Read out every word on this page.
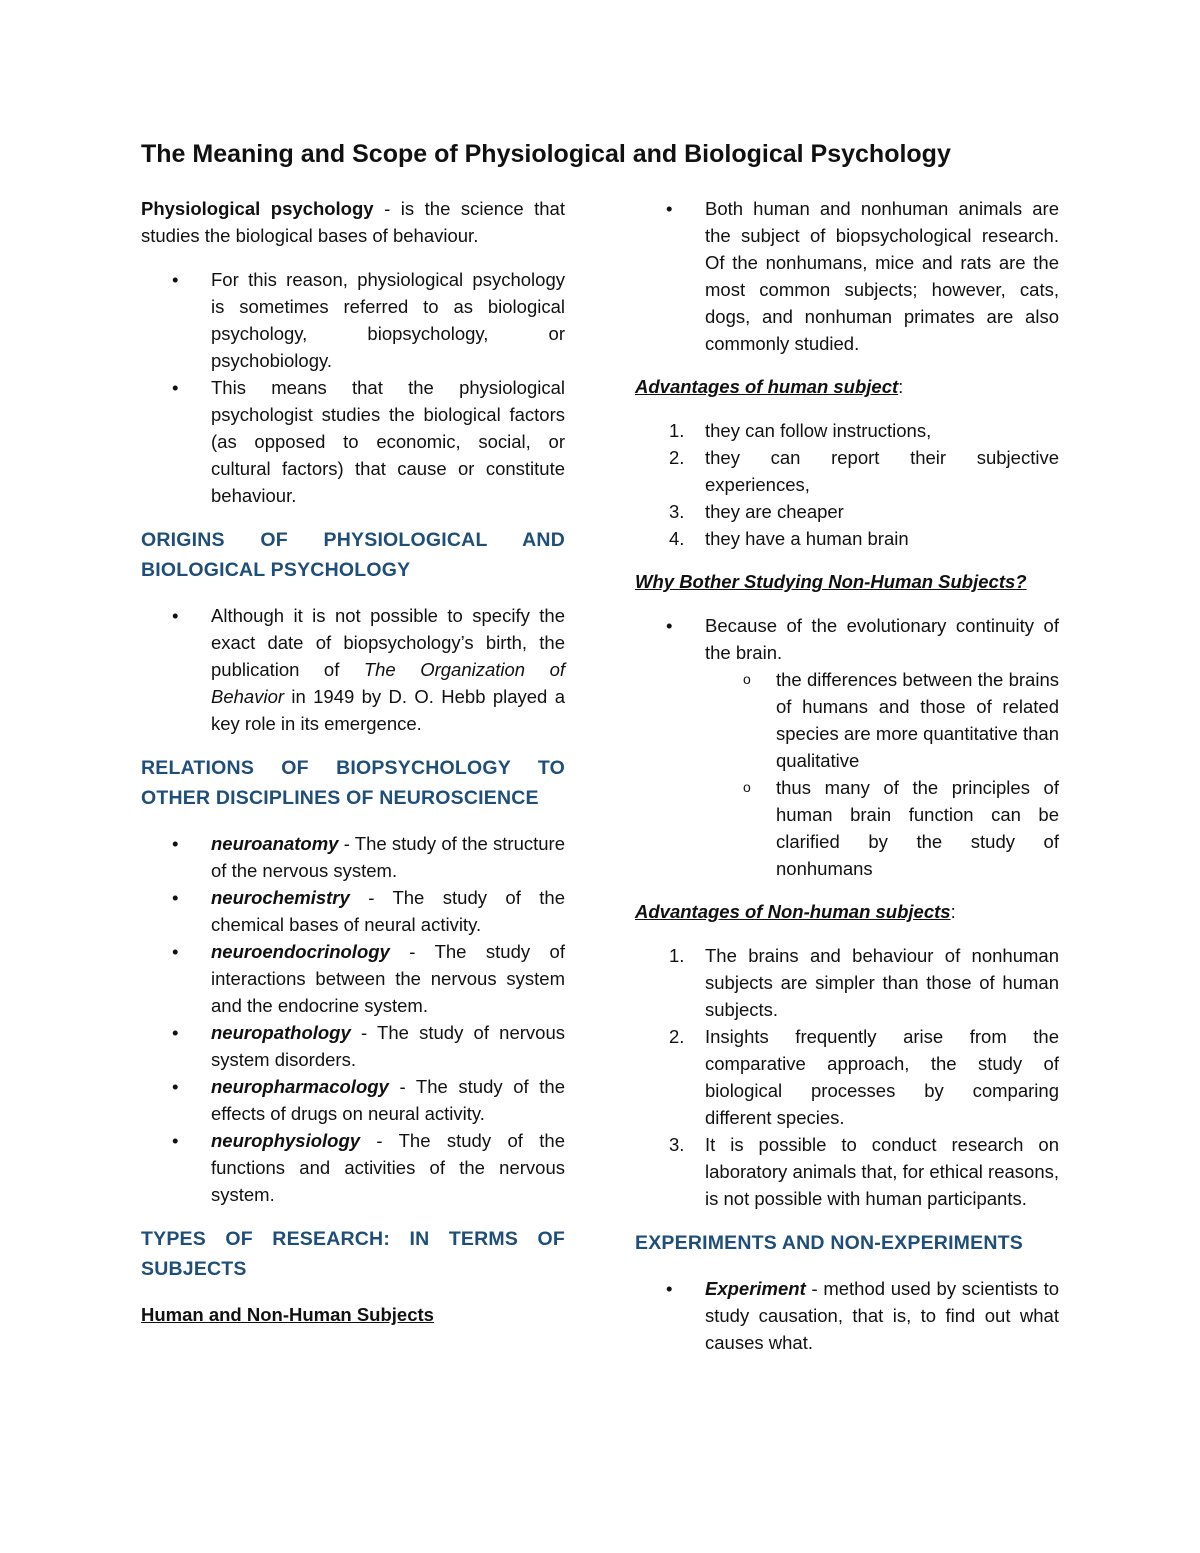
The Meaning and Scope of Physiological and Biological Psychology

Physiological psychology - is the science that studies the biological bases of behaviour.

• For this reason, physiological psychology is sometimes referred to as biological psychology, biopsychology, or psychobiology.
• This means that the physiological psychologist studies the biological factors (as opposed to economic, social, or cultural factors) that cause or constitute behaviour.
ORIGINS OF PHYSIOLOGICAL AND BIOLOGICAL PSYCHOLOGY
• Although it is not possible to specify the exact date of biopsychology’s birth, the publication of The Organization of Behavior in 1949 by D. O. Hebb played a key role in its emergence.
RELATIONS OF BIOPSYCHOLOGY TO OTHER DISCIPLINES OF NEUROSCIENCE
• neuroanatomy - The study of the structure of the nervous system.
• neurochemistry - The study of the chemical bases of neural activity.
• neuroendocrinology - The study of interactions between the nervous system and the endocrine system.
• neuropathology - The study of nervous system disorders.
• neuropharmacology - The study of the effects of drugs on neural activity.
• neurophysiology - The study of the functions and activities of the nervous system.
TYPES OF RESEARCH: IN TERMS OF SUBJECTS
Human and Non-Human Subjects
• Both human and nonhuman animals are the subject of biopsychological research. Of the nonhumans, mice and rats are the most common subjects; however, cats, dogs, and nonhuman primates are also commonly studied.

Advantages of human subject:

1. they can follow instructions,
2. they can report their subjective experiences,
3. they are cheaper
4. they have a human brain

Why Bother Studying Non-Human Subjects?

• Because of the evolutionary continuity of the brain.
o the differences between the brains of humans and those of related species are more quantitative than qualitative
o thus many of the principles of human brain function can be clarified by the study of nonhumans

Advantages of Non-human subjects:

1. The brains and behaviour of nonhuman subjects are simpler than those of human subjects.
2. Insights frequently arise from the comparative approach, the study of biological processes by comparing different species.
3. It is possible to conduct research on laboratory animals that, for ethical reasons, is not possible with human participants.
EXPERIMENTS AND NON-EXPERIMENTS
• Experiment - method used by scientists to study causation, that is, to find out what causes what.
